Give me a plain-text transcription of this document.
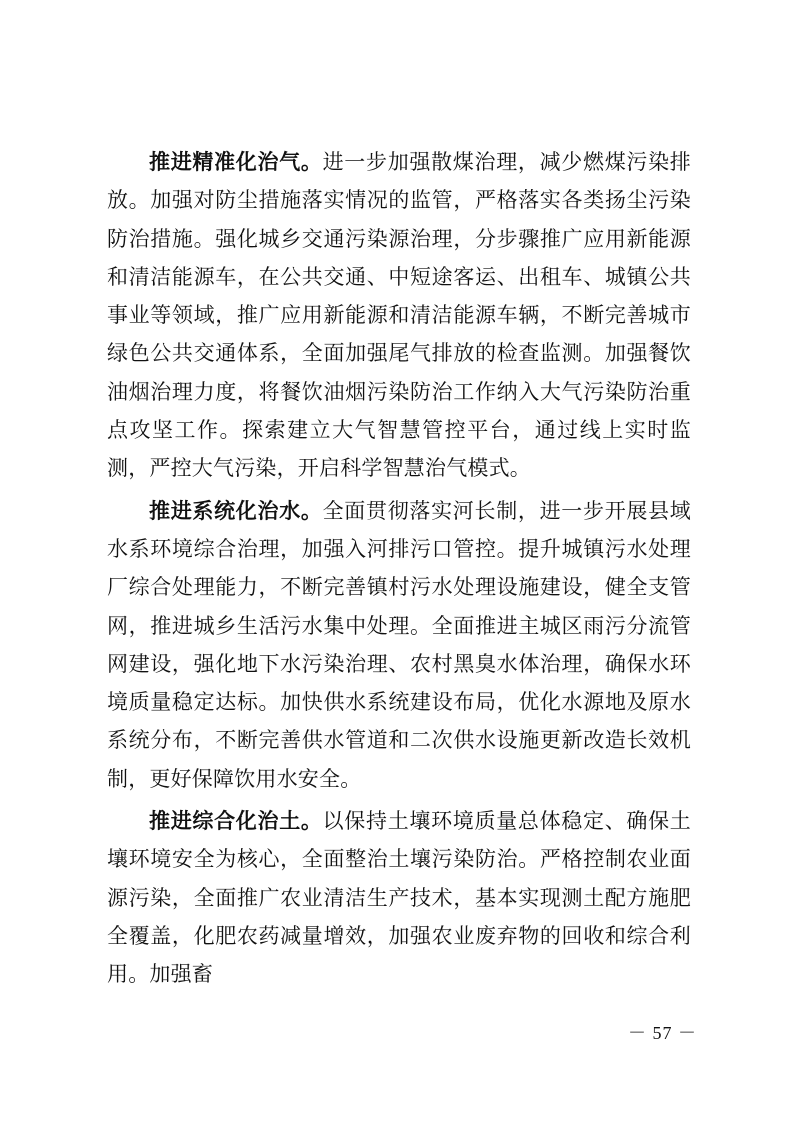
推进精准化治气。进一步加强散煤治理，减少燃煤污染排放。加强对防尘措施落实情况的监管，严格落实各类扬尘污染防治措施。强化城乡交通污染源治理，分步骤推广应用新能源和清洁能源车，在公共交通、中短途客运、出租车、城镇公共事业等领域，推广应用新能源和清洁能源车辆，不断完善城市绿色公共交通体系，全面加强尾气排放的检查监测。加强餐饮油烟治理力度，将餐饮油烟污染防治工作纳入大气污染防治重点攻坚工作。探索建立大气智慧管控平台，通过线上实时监测，严控大气污染，开启科学智慧治气模式。

推进系统化治水。全面贯彻落实河长制，进一步开展县域水系环境综合治理，加强入河排污口管控。提升城镇污水处理厂综合处理能力，不断完善镇村污水处理设施建设，健全支管网，推进城乡生活污水集中处理。全面推进主城区雨污分流管网建设，强化地下水污染治理、农村黑臭水体治理，确保水环境质量稳定达标。加快供水系统建设布局，优化水源地及原水系统分布，不断完善供水管道和二次供水设施更新改造长效机制，更好保障饮用水安全。

推进综合化治土。以保持土壤环境质量总体稳定、确保土壤环境安全为核心，全面整治土壤污染防治。严格控制农业面源污染，全面推广农业清洁生产技术，基本实现测土配方施肥全覆盖，化肥农药减量增效，加强农业废弃物的回收和综合利用。加强畜

－ 57 －
